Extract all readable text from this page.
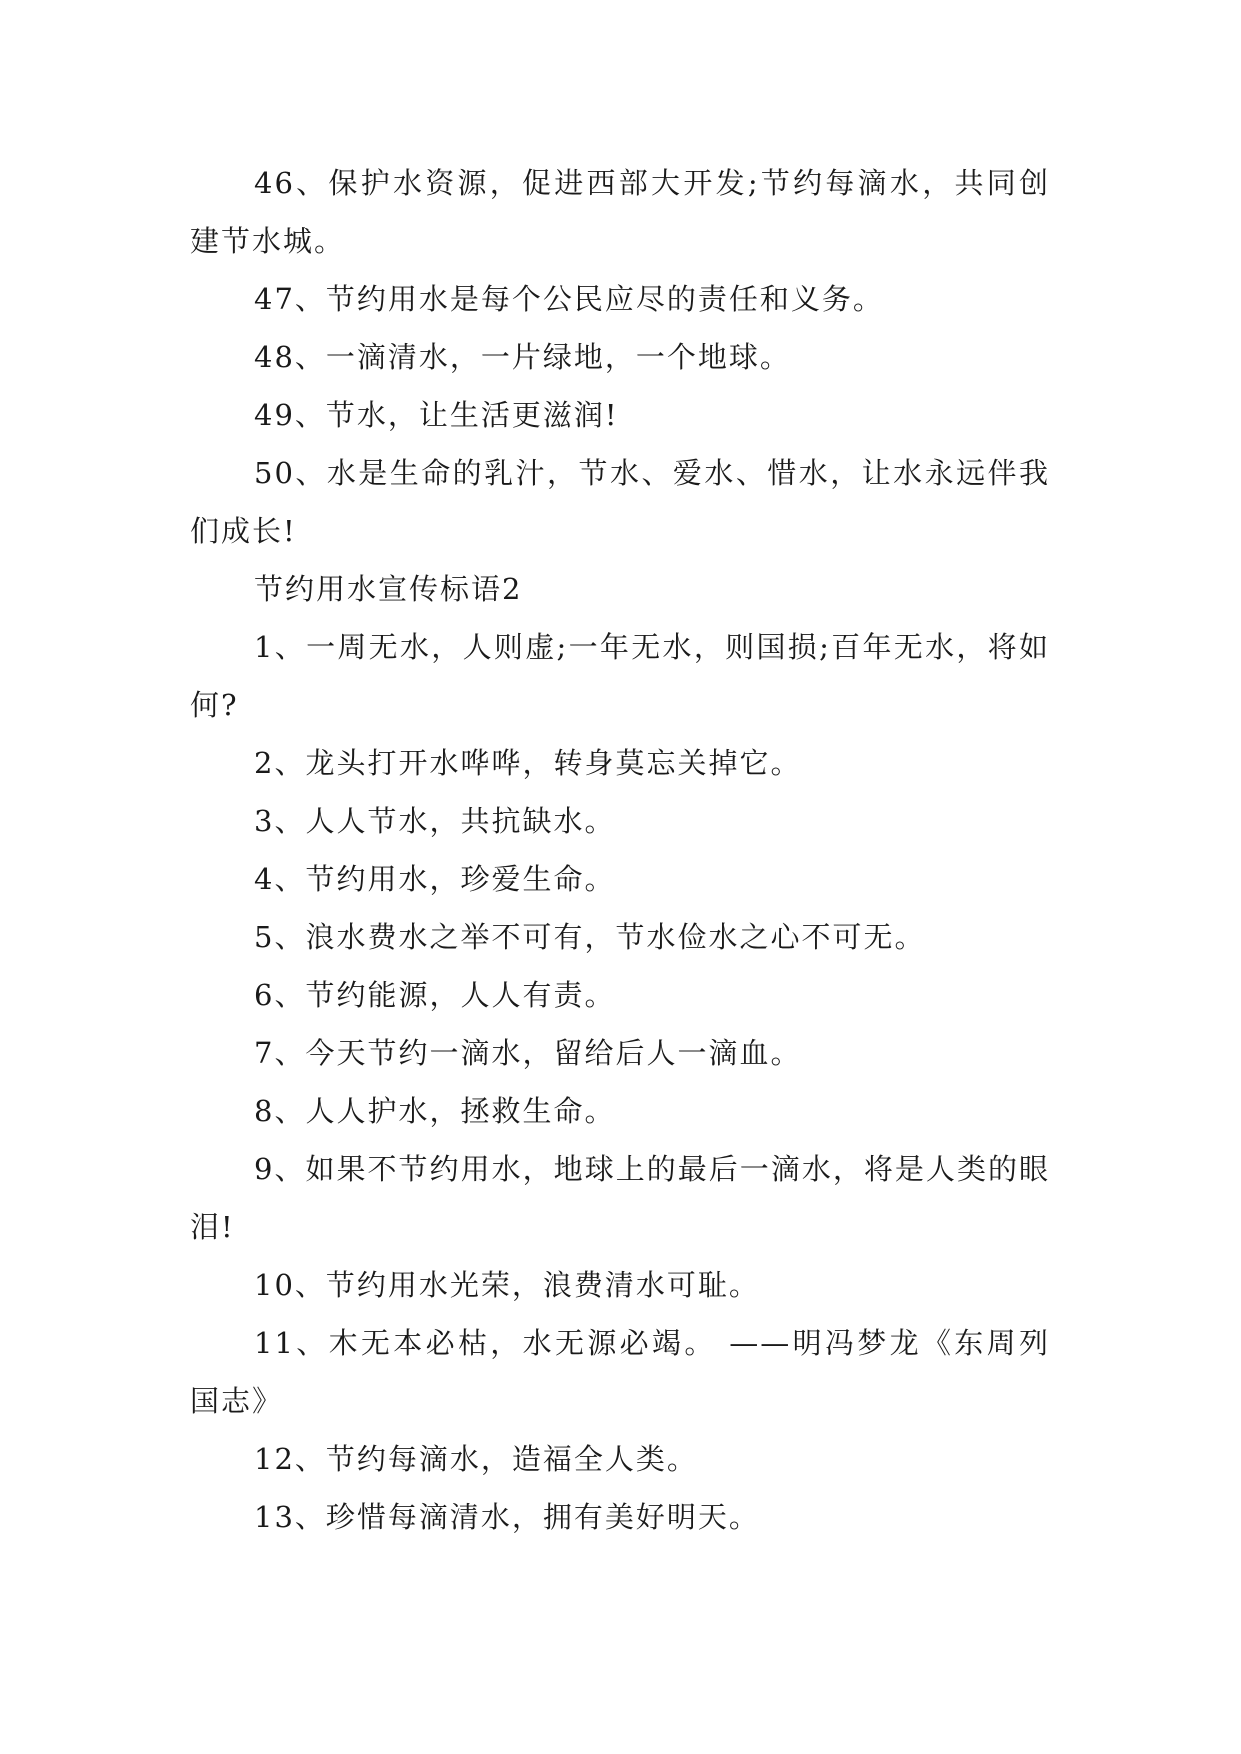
46、保护水资源，促进西部大开发;节约每滴水，共同创建节水城。

47、节约用水是每个公民应尽的责任和义务。

48、一滴清水，一片绿地，一个地球。

49、节水，让生活更滋润!

50、水是生命的乳汁，节水、爱水、惜水，让水永远伴我们成长!

节约用水宣传标语2

1、一周无水，人则虚;一年无水，则国损;百年无水，将如何?

2、龙头打开水哗哗，转身莫忘关掉它。

3、人人节水，共抗缺水。

4、节约用水，珍爱生命。

5、浪水费水之举不可有，节水俭水之心不可无。

6、节约能源，人人有责。

7、今天节约一滴水，留给后人一滴血。

8、人人护水，拯救生命。

9、如果不节约用水，地球上的最后一滴水，将是人类的眼泪!

10、节约用水光荣，浪费清水可耻。

11、木无本必枯，水无源必竭。 ——明冯梦龙《东周列国志》

12、节约每滴水，造福全人类。

13、珍惜每滴清水，拥有美好明天。
